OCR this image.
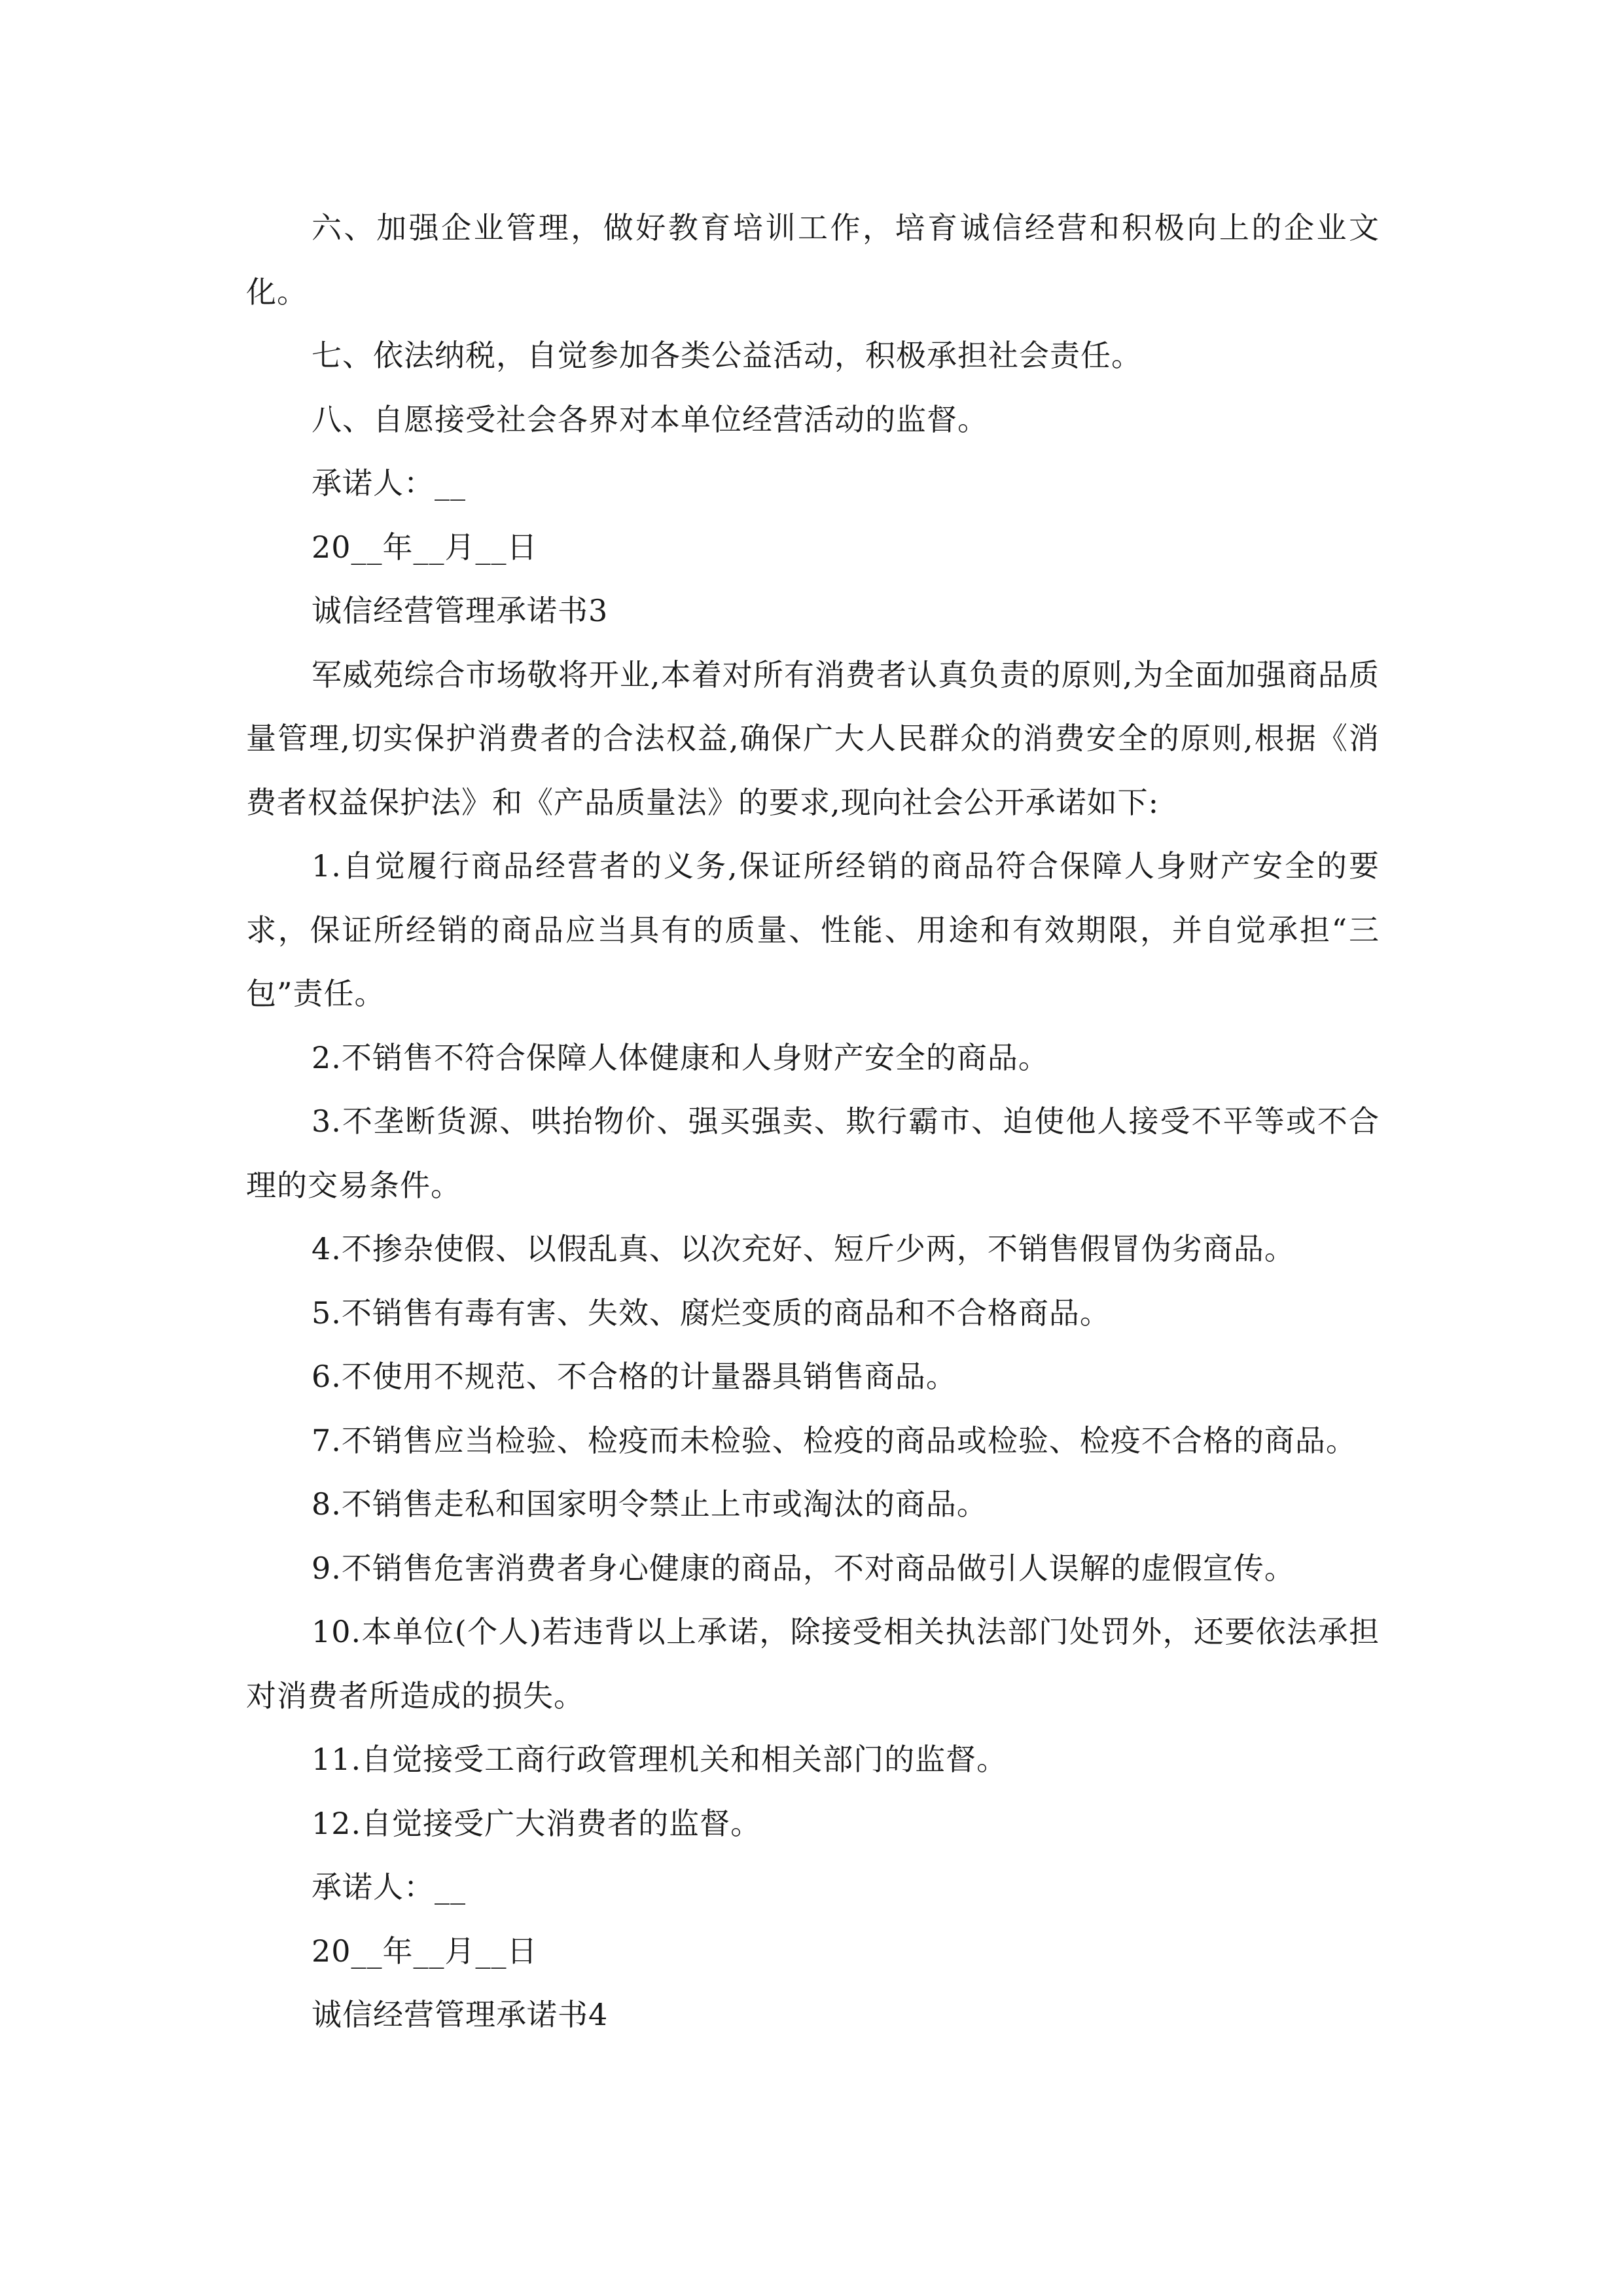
六、加强企业管理，做好教育培训工作，培育诚信经营和积极向上的企业文化。

七、依法纳税，自觉参加各类公益活动，积极承担社会责任。

八、自愿接受社会各界对本单位经营活动的监督。

承诺人：__

20__年__月__日

诚信经营管理承诺书3

军威苑综合市场敬将开业,本着对所有消费者认真负责的原则,为全面加强商品质量管理,切实保护消费者的合法权益,确保广大人民群众的消费安全的原则,根据《消费者权益保护法》和《产品质量法》的要求,现向社会公开承诺如下:

1.自觉履行商品经营者的义务,保证所经销的商品符合保障人身财产安全的要求，保证所经销的商品应当具有的质量、性能、用途和有效期限，并自觉承担“三包”责任。

2.不销售不符合保障人体健康和人身财产安全的商品。

3.不垄断货源、哄抬物价、强买强卖、欺行霸市、迫使他人接受不平等或不合理的交易条件。

4.不掺杂使假、以假乱真、以次充好、短斤少两，不销售假冒伪劣商品。

5.不销售有毒有害、失效、腐烂变质的商品和不合格商品。

6.不使用不规范、不合格的计量器具销售商品。

7.不销售应当检验、检疫而未检验、检疫的商品或检验、检疫不合格的商品。

8.不销售走私和国家明令禁止上市或淘汰的商品。

9.不销售危害消费者身心健康的商品，不对商品做引人误解的虚假宣传。

10.本单位(个人)若违背以上承诺，除接受相关执法部门处罚外，还要依法承担对消费者所造成的损失。

11.自觉接受工商行政管理机关和相关部门的监督。

12.自觉接受广大消费者的监督。

承诺人：__

20__年__月__日

诚信经营管理承诺书4
